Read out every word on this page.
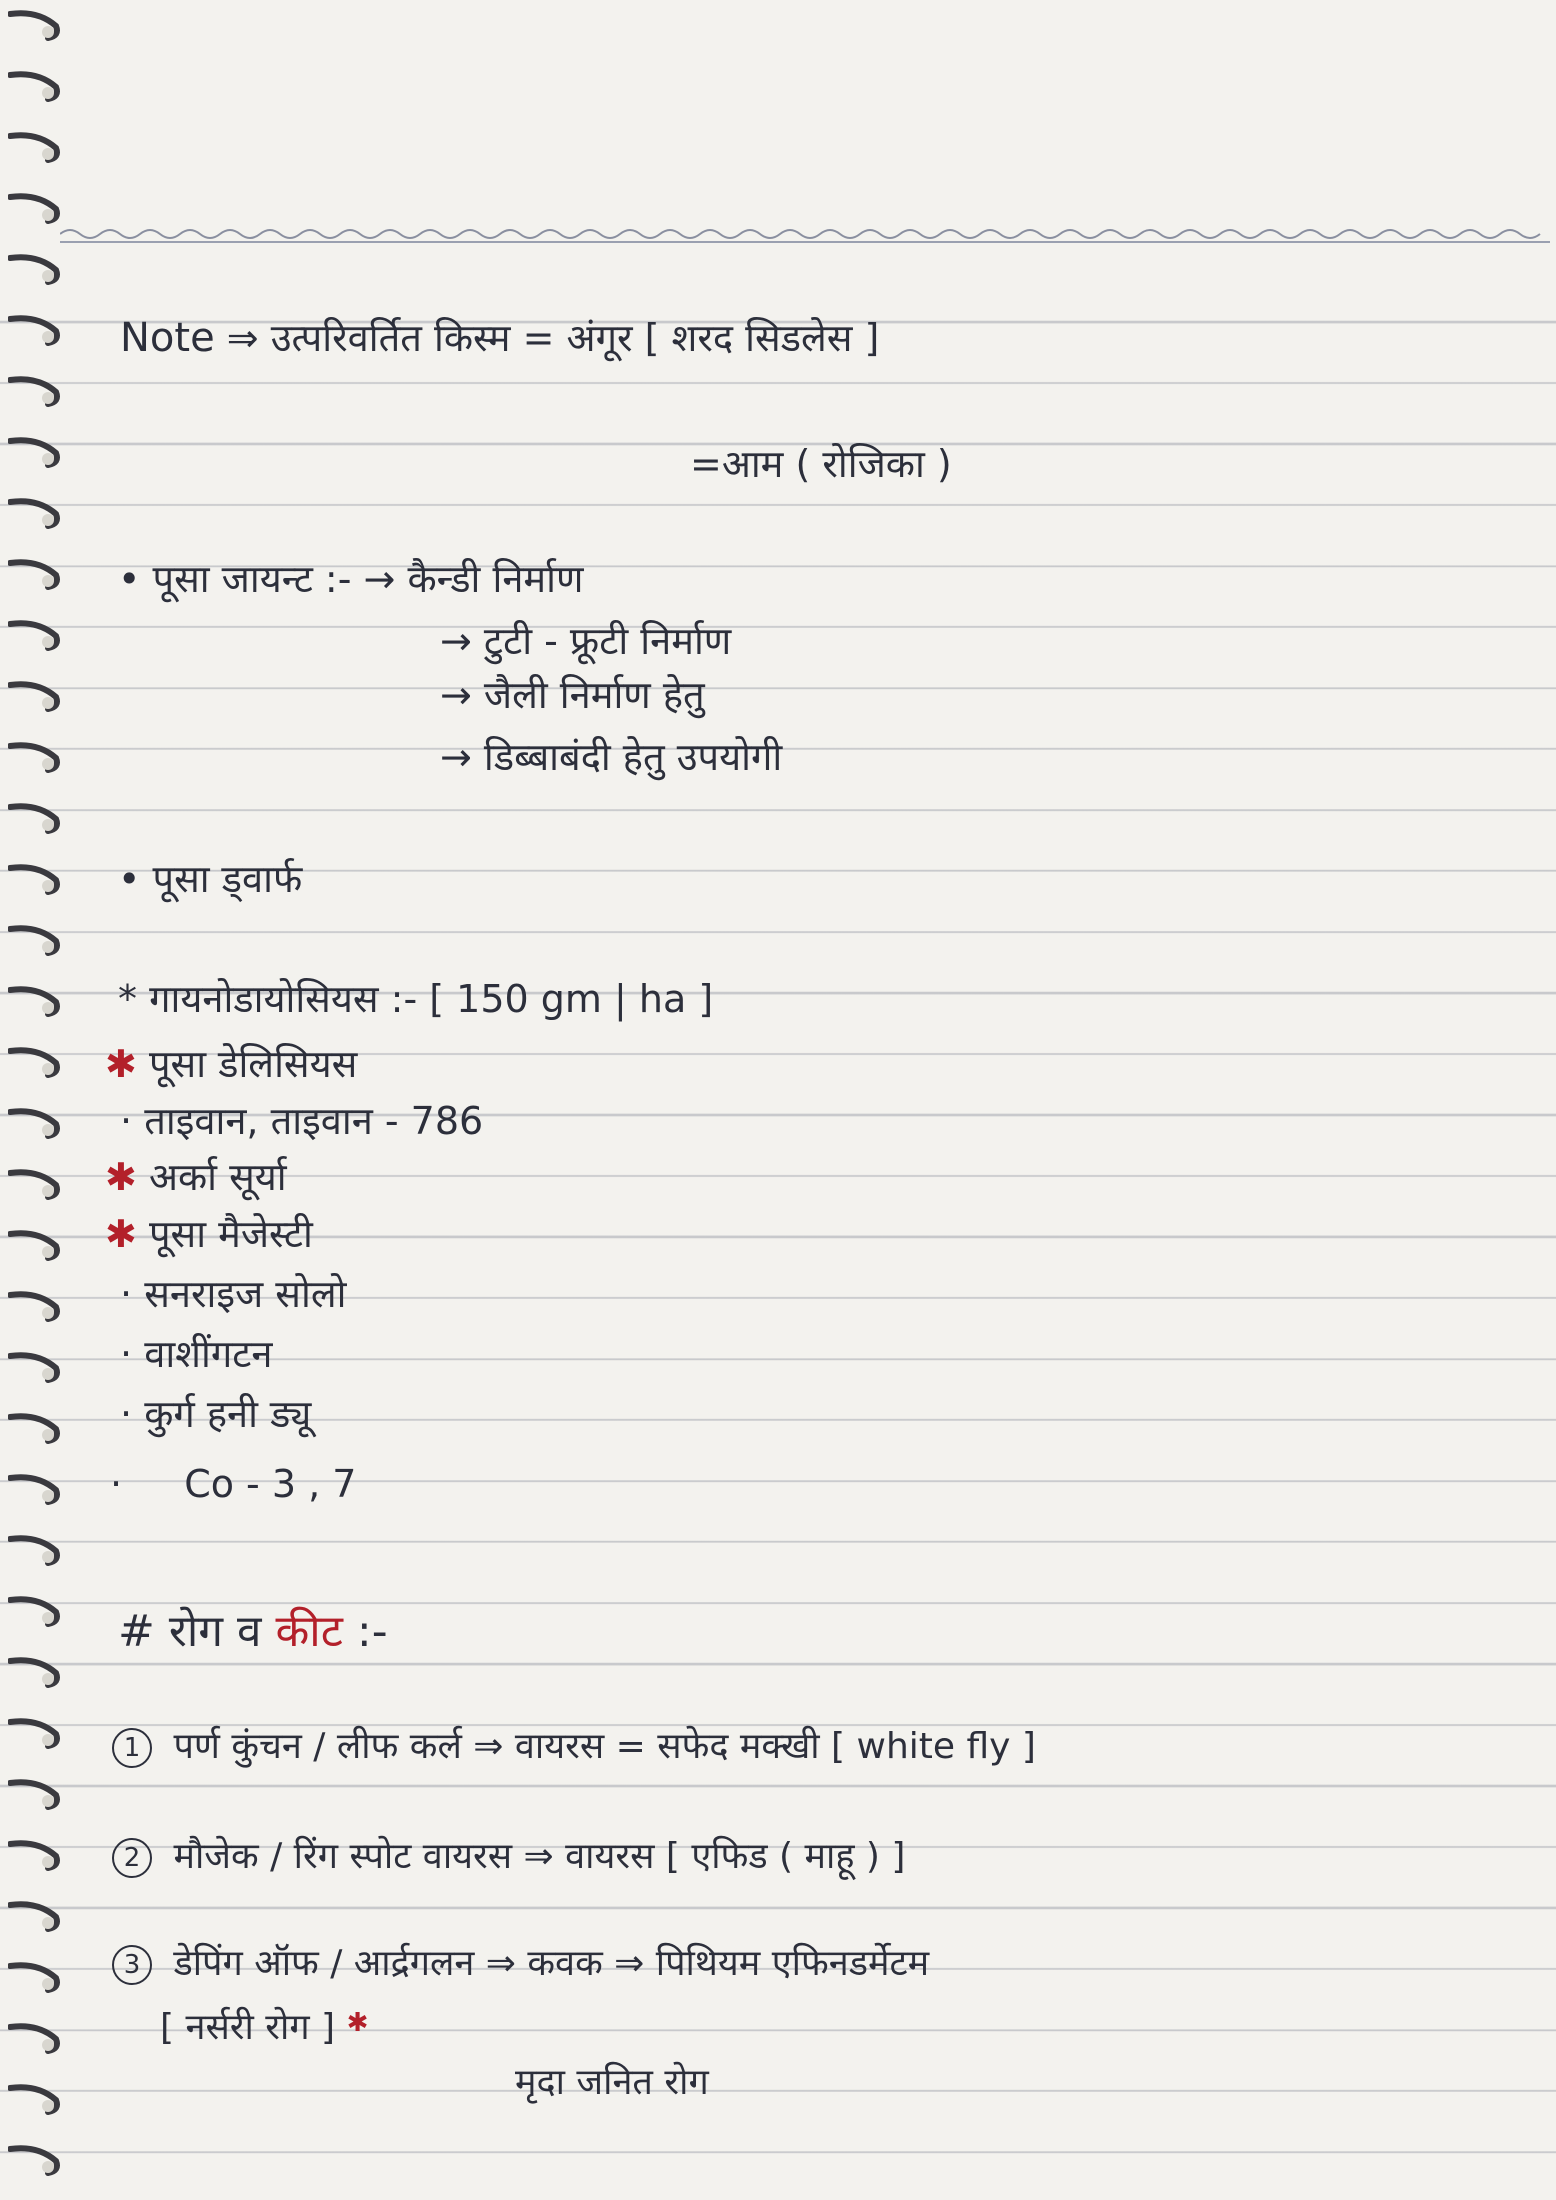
Note ⇒ उत्परिवर्तित किस्म = अंगूर [ शरद सिडलेस ]
=आम ( रोजिका )
• पूसा जायन्ट :- → कैन्डी निर्माण
→ टुटी - फ्रूटी निर्माण
→ जैली निर्माण हेतु
→ डिब्बाबंदी हेतु उपयोगी
• पूसा ड्वार्फ
* गायनोडायोसियस :- [ 150 gm | ha ]
✱ पूसा डेलिसियस
· ताइवान, ताइवान - 786
✱ अर्का सूर्या
✱ पूसा मैजेस्टी
· सनराइज सोलो
· वाशींगटन
· कुर्ग हनी ड्यू
· Co - 3 , 7
# रोग व कीट :-
1 पर्ण कुंचन / लीफ कर्ल ⇒ वायरस = सफेद मक्खी [ white fly ]
2 मौजेक / रिंग स्पोट वायरस ⇒ वायरस [ एफिड ( माहू ) ]
3 डेपिंग ऑफ / आर्द्रगलन ⇒ कवक ⇒ पिथियम एफिनडर्मेटम
[ नर्सरी रोग ] ✱
मृदा जनित रोग
